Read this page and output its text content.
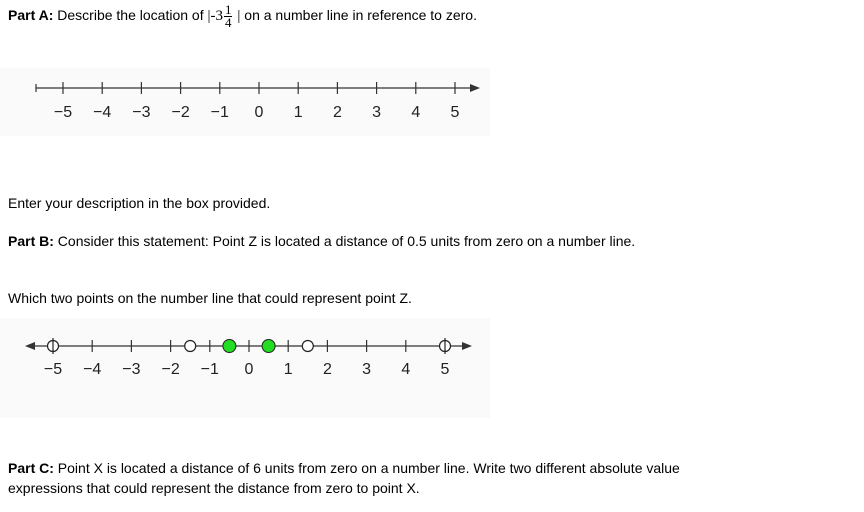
Part A: Describe the location of $|-3 \frac{1}{4}$ | on a number line in reference to zero.
−5 −4 −3 −2 −1 0 1 2 3 4 5
Enter your description in the box provided.
Part B: Consider this statement: Point Z is located a distance of 0.5 units from zero on a number line.
Which two points on the number line that could represent point Z.
−5 −4 −3 −2 −1 0 1 2 3 4 5
Part C: Point X is located a distance of 6 units from zero on a number line. Write two different absolute value
expressions that could represent the distance from zero to point X.
